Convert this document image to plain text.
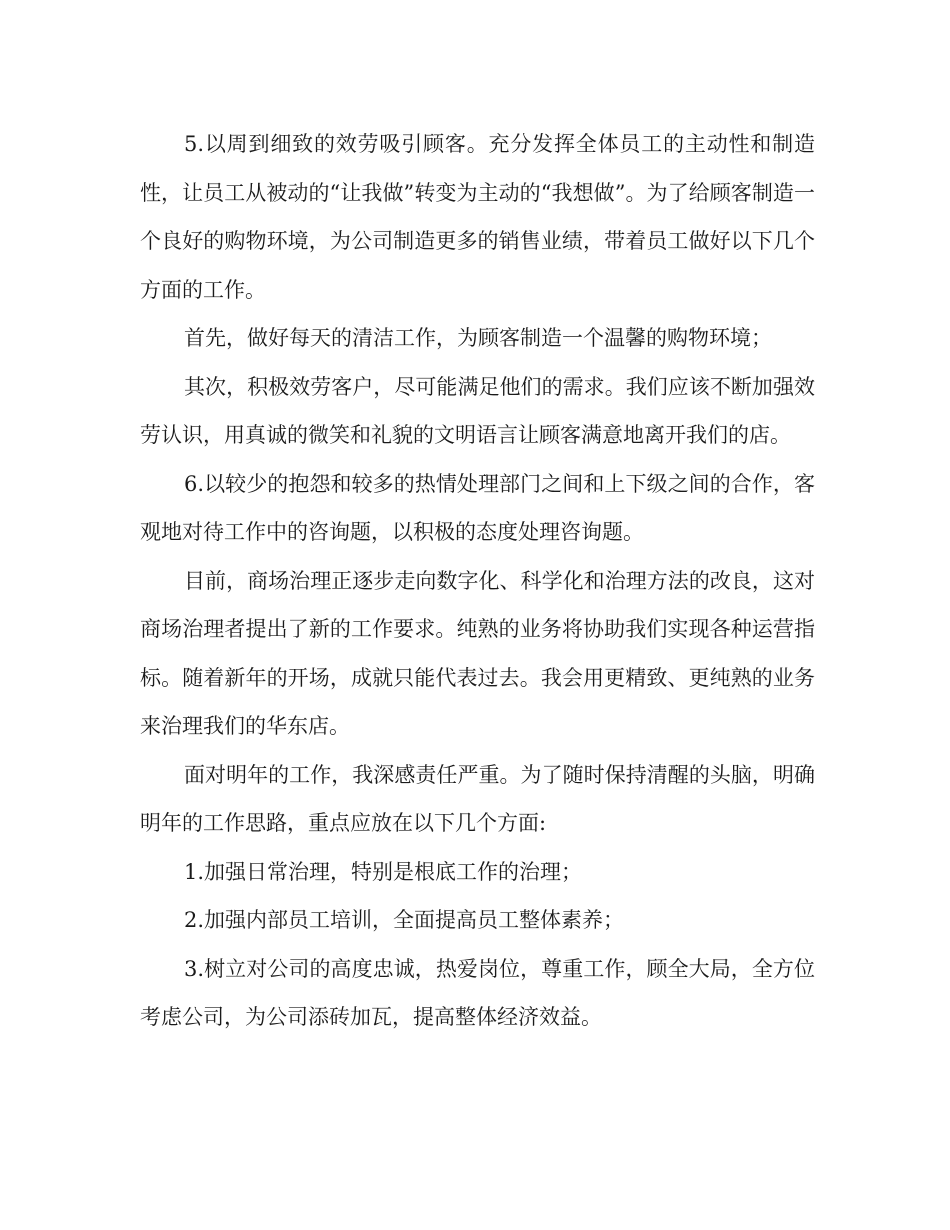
5.以周到细致的效劳吸引顾客。充分发挥全体员工的主动性和制造性，让员工从被动的“让我做”转变为主动的“我想做”。为了给顾客制造一个良好的购物环境，为公司制造更多的销售业绩，带着员工做好以下几个方面的工作。

首先，做好每天的清洁工作，为顾客制造一个温馨的购物环境；

其次，积极效劳客户，尽可能满足他们的需求。我们应该不断加强效劳认识，用真诚的微笑和礼貌的文明语言让顾客满意地离开我们的店。

6.以较少的抱怨和较多的热情处理部门之间和上下级之间的合作，客观地对待工作中的咨询题，以积极的态度处理咨询题。

目前，商场治理正逐步走向数字化、科学化和治理方法的改良，这对商场治理者提出了新的工作要求。纯熟的业务将协助我们实现各种运营指标。随着新年的开场，成就只能代表过去。我会用更精致、更纯熟的业务来治理我们的华东店。

面对明年的工作，我深感责任严重。为了随时保持清醒的头脑，明确明年的工作思路，重点应放在以下几个方面:

1.加强日常治理，特别是根底工作的治理；

2.加强内部员工培训，全面提高员工整体素养；

3.树立对公司的高度忠诚，热爱岗位，尊重工作，顾全大局，全方位考虑公司，为公司添砖加瓦，提高整体经济效益。
